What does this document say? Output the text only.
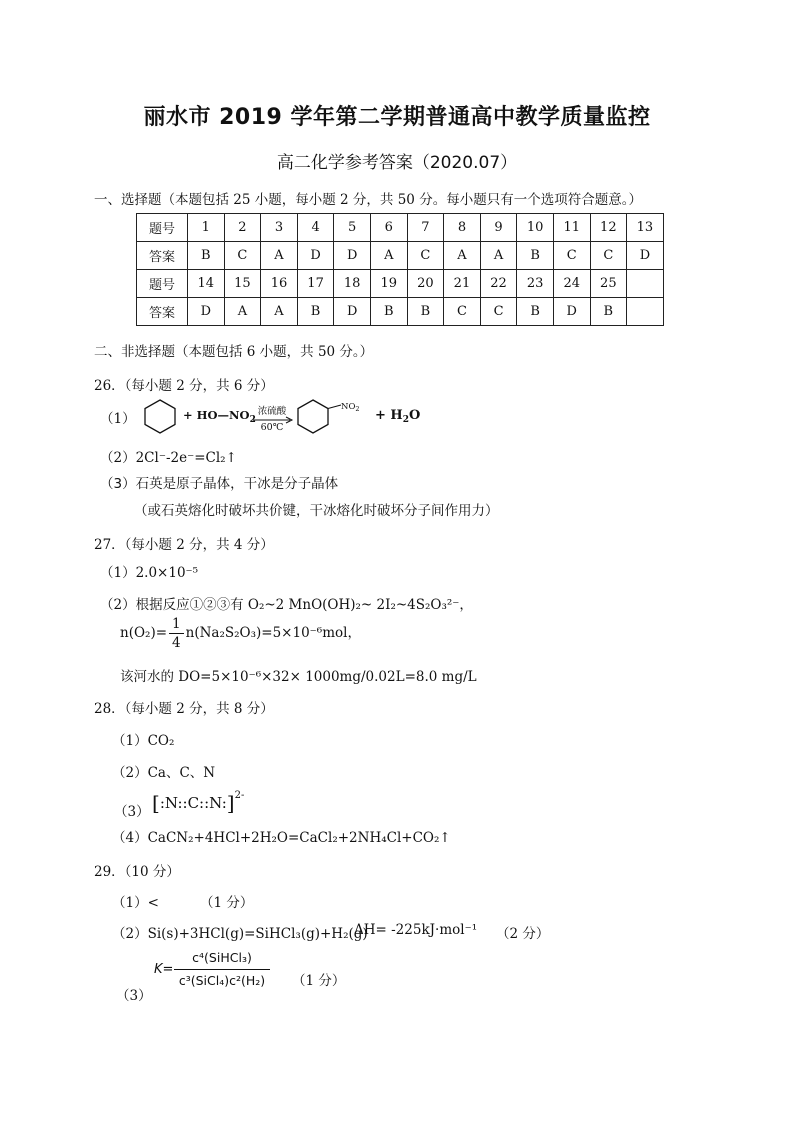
丽水市 2019 学年第二学期普通高中教学质量监控
高二化学参考答案（2020.07）
一、选择题（本题包括 25 小题，每小题 2 分，共 50 分。每小题只有一个选项符合题意。）
题号	1	2	3	4	5	6	7	8	9	10	11	12	13
答案	B	C	A	D	D	A	C	A	A	B	C	C	D
题号	14	15	16	17	18	19	20	21	22	23	24	25	
答案	D	A	A	B	D	B	B	C	C	B	D	B	
二、非选择题（本题包括 6 小题，共 50 分。）
26．（每小题 2 分，共 6 分）
（1）	+ $HO—NO_2$
浓硫酸
60℃
$NO_2 + H_2O$
（2）2Cl⁻-2e⁻=Cl₂↑
（3）石英是原子晶体，干冰是分子晶体
（或石英熔化时破坏共价键，干冰熔化时破坏分子间作用力）
27．（每小题 2 分，共 4 分）
（1）2.0×10⁻⁵
（2）根据反应①②③有 O₂~2 MnO(OH)₂~ 2I₂~4S₂O₃²⁻，
$n(O_2)= \frac{1}{4} n(Na_2S_2O_3)=5\times 10^{-6}mol$，
该河水的 DO=5×10⁻⁶×32× 1000mg/0.02L=8.0 mg/L
28．（每小题 2 分，共 8 分）
（1）CO₂
（2）Ca、C、N
（3） [:N::C::N:]$^{2-}$
（4）CaCN₂+4HCl+2H₂O=CaCl₂+2NH₄Cl+CO₂↑
29．（10 分）
（1）<	（1 分）
（2）Si(s)+3HCl(g)=SiHCl₃(g)+H₂(g)
ΔH= -225kJ·mol⁻¹ （2 分）
K=
c⁴(SiHCl₃)
c³(SiCl₄)c²(H₂)	（1 分）
（3）
